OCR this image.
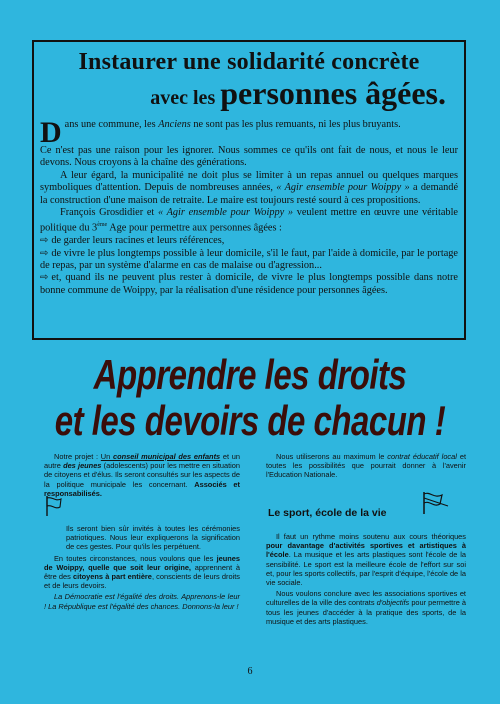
Instaurer une solidarité concrète
avec les personnes âgées.

Dans une commune, les Anciens ne sont pas les plus remuants, ni les plus bruyants.

Ce n'est pas une raison pour les ignorer. Nous sommes ce qu'ils ont fait de nous, et nous le leur devons. Nous croyons à la chaîne des générations.

A leur égard, la municipalité ne doit plus se limiter à un repas annuel ou quelques marques symboliques d'attention. Depuis de nombreuses années, « Agir ensemble pour Woippy » a demandé la construction d'une maison de retraite. Le maire est toujours resté sourd à ces propositions.

François Grosdidier et « Agir ensemble pour Woippy » veulent mettre en œuvre une véritable politique du 3ème Age pour permettre aux personnes âgées :

⇨ de garder leurs racines et leurs références,

⇨ de vivre le plus longtemps possible à leur domicile, s'il le faut, par l'aide à domicile, par le portage de repas, par un système d'alarme en cas de malaise ou d'agression...

⇨ et, quand ils ne peuvent plus rester à domicile, de vivre le plus longtemps possible dans notre bonne commune de Woippy, par la réalisation d'une résidence pour personnes âgées.

Apprendre les droits
et les devoirs de chacun !

Notre projet : Un conseil municipal des enfants et un autre des jeunes (adolescents) pour les mettre en situation de citoyens et d'élus. Ils seront consultés sur les aspects de la politique municipale les concernant. Associés et responsabilisés.

Ils seront bien sûr invités à toutes les cérémonies patriotiques. Nous leur expliquerons la signification de ces gestes. Pour qu'ils les perpétuent.

En toutes circonstances, nous voulons que les jeunes de Woippy, quelle que soit leur origine, apprennent à être des citoyens à part entière, conscients de leurs droits et de leurs devoirs.

La Démocratie est l'égalité des droits. Apprenons-le leur ! La République est l'égalité des chances. Donnons-la leur !

Nous utiliserons au maximum le contrat éducatif local et toutes les possibilités que pourrait donner à l'avenir l'Education Nationale.

Le sport, école de la vie

Il faut un rythme moins soutenu aux cours théoriques pour davantage d'activités sportives et artistiques à l'école. La musique et les arts plastiques sont l'école de la sensibilité. Le sport est la meilleure école de l'effort sur soi et, pour les sports collectifs, par l'esprit d'équipe, l'école de la vie sociale.

Nous voulons conclure avec les associations sportives et culturelles de la ville des contrats d'objectifs pour permettre à tous les jeunes d'accéder à la pratique des sports, de la musique et des arts plastiques.

6
